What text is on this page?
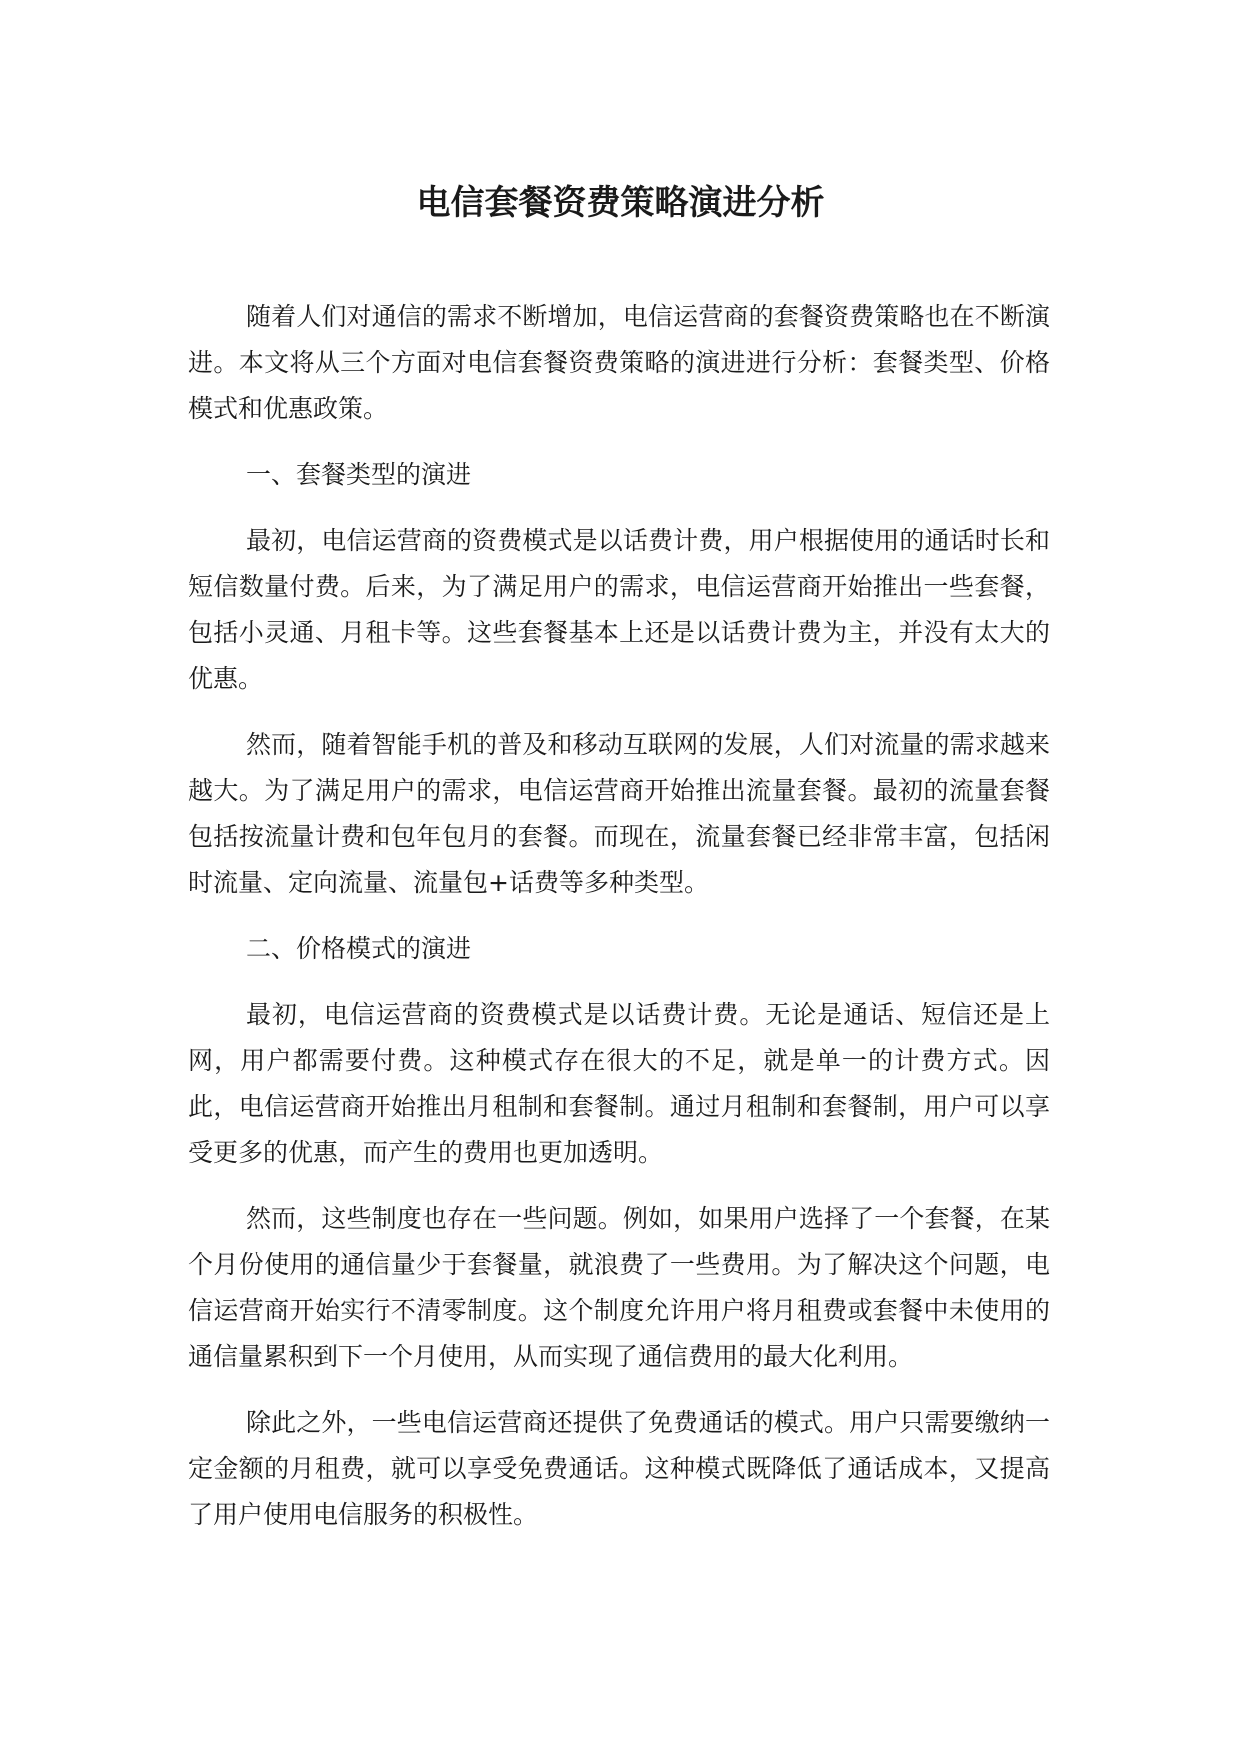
电信套餐资费策略演进分析

随着人们对通信的需求不断增加，电信运营商的套餐资费策略也在不断演进。本文将从三个方面对电信套餐资费策略的演进进行分析：套餐类型、价格模式和优惠政策。

一、套餐类型的演进

最初，电信运营商的资费模式是以话费计费，用户根据使用的通话时长和短信数量付费。后来，为了满足用户的需求，电信运营商开始推出一些套餐，包括小灵通、月租卡等。这些套餐基本上还是以话费计费为主，并没有太大的优惠。

然而，随着智能手机的普及和移动互联网的发展，人们对流量的需求越来越大。为了满足用户的需求，电信运营商开始推出流量套餐。最初的流量套餐包括按流量计费和包年包月的套餐。而现在，流量套餐已经非常丰富，包括闲时流量、定向流量、流量包+话费等多种类型。

二、价格模式的演进

最初，电信运营商的资费模式是以话费计费。无论是通话、短信还是上网，用户都需要付费。这种模式存在很大的不足，就是单一的计费方式。因此，电信运营商开始推出月租制和套餐制。通过月租制和套餐制，用户可以享受更多的优惠，而产生的费用也更加透明。

然而，这些制度也存在一些问题。例如，如果用户选择了一个套餐，在某个月份使用的通信量少于套餐量，就浪费了一些费用。为了解决这个问题，电信运营商开始实行不清零制度。这个制度允许用户将月租费或套餐中未使用的通信量累积到下一个月使用，从而实现了通信费用的最大化利用。

除此之外，一些电信运营商还提供了免费通话的模式。用户只需要缴纳一定金额的月租费，就可以享受免费通话。这种模式既降低了通话成本，又提高了用户使用电信服务的积极性。
